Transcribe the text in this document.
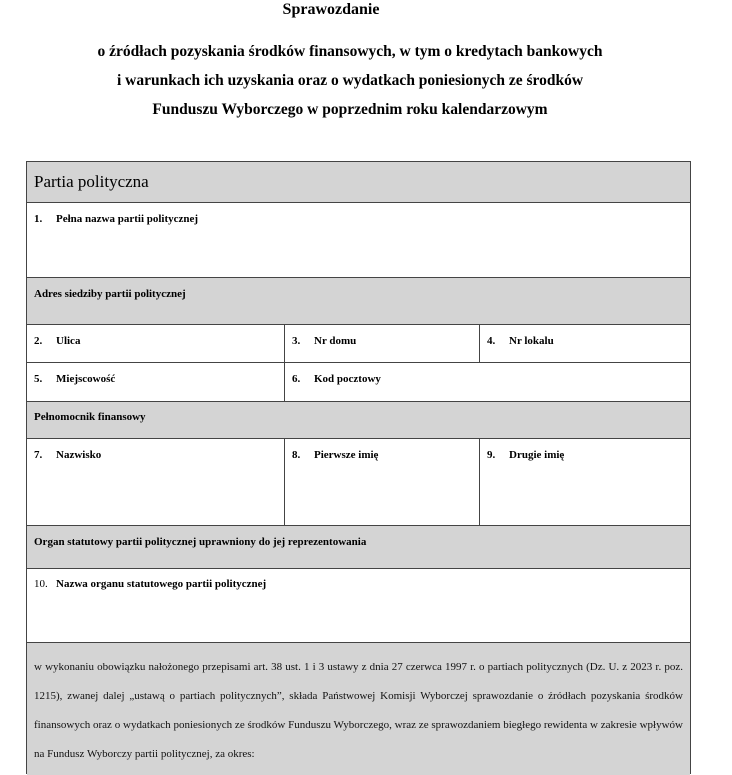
Sprawozdanie
o źródłach pozyskania środków finansowych, w tym o kredytach bankowych
i warunkach ich uzyskania oraz o wydatkach poniesionych ze środków
Funduszu Wyborczego w poprzednim roku kalendarzowym
Partia polityczna
1. Pełna nazwa partii politycznej
Adres siedziby partii politycznej
2. Ulica	3. Nr domu	4. Nr lokalu
5. Miejscowość	6. Kod pocztowy
Pełnomocnik finansowy
7. Nazwisko	8. Pierwsze imię	9. Drugie imię
Organ statutowy partii politycznej uprawniony do jej reprezentowania
10. Nazwa organu statutowego partii politycznej
w wykonaniu obowiązku nałożonego przepisami art. 38 ust. 1 i 3 ustawy z dnia 27 czerwca 1997 r. o partiach politycznych (Dz. U. z 2023 r. poz. 1215), zwanej dalej „ustawą o partiach politycznych”, składa Państwowej Komisji Wyborczej sprawozdanie o źródłach pozyskania środków finansowych oraz o wydatkach poniesionych ze środków Funduszu Wyborczego, wraz ze sprawozdaniem biegłego rewidenta w zakresie wpływów na Fundusz Wyborczy partii politycznej, za okres:
